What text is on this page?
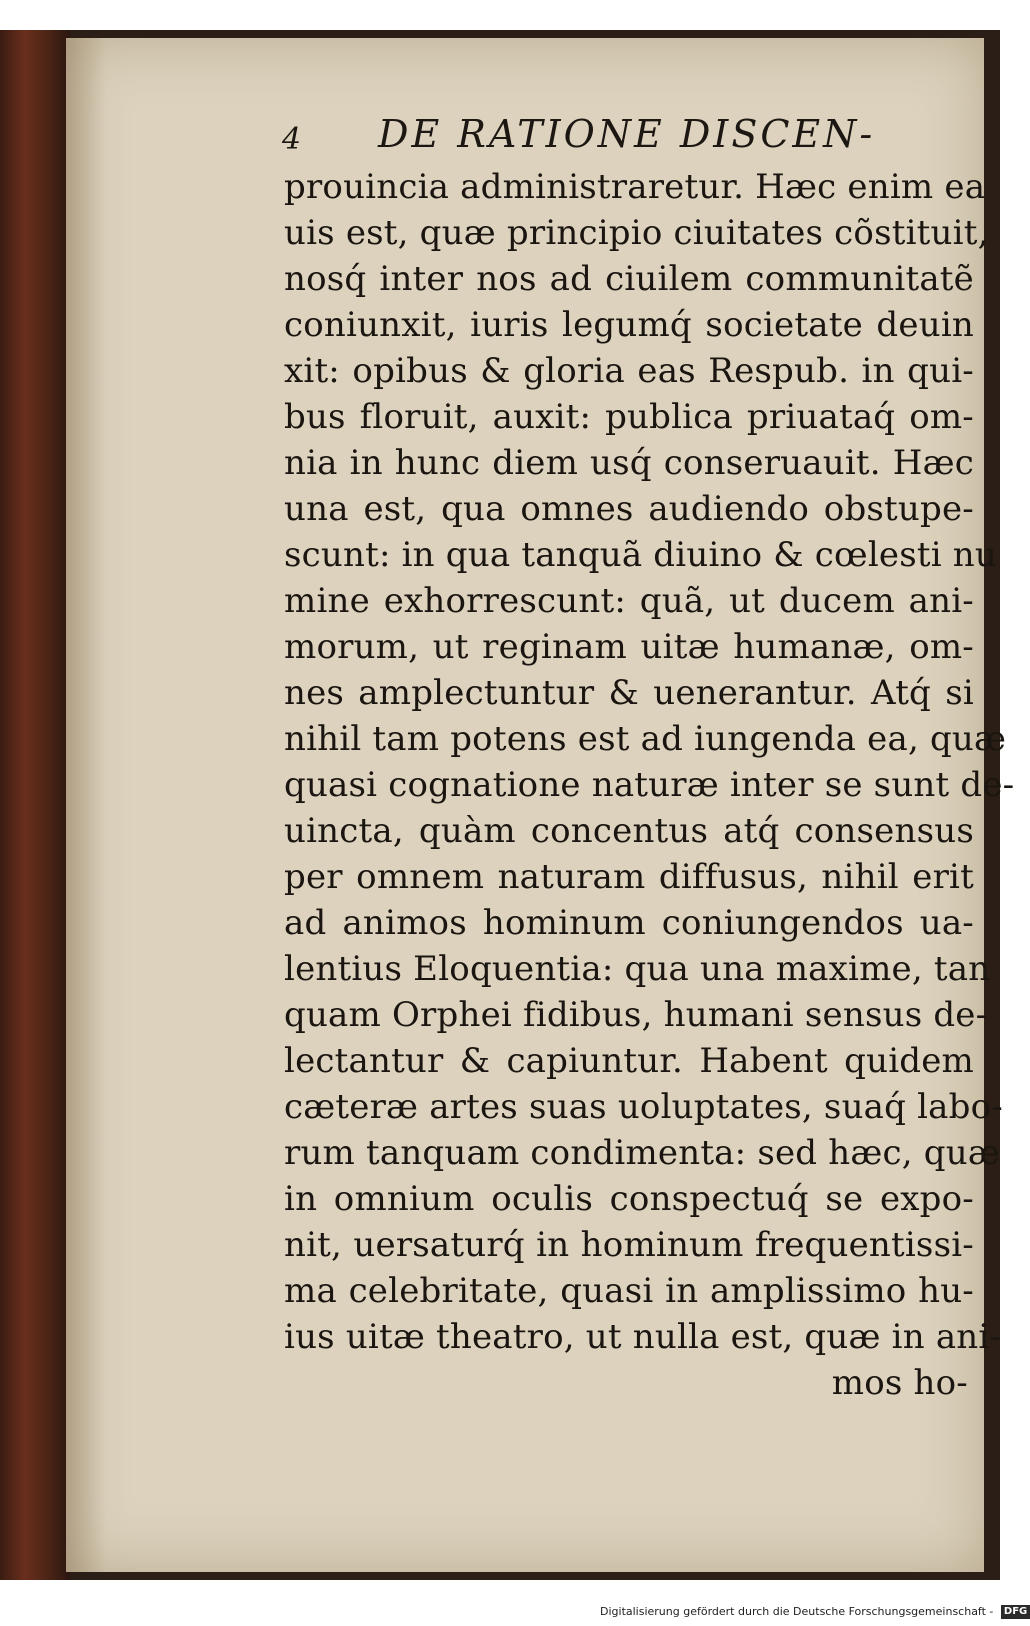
4 DE RATIONE DISCEN-
prouincia administraretur. Hæc enim ea
uis est, quæ principio ciuitates cõstituit,
nosq́ inter nos ad ciuilem communitatẽ
coniunxit, iuris legumq́ societate deuin
xit: opibus & gloria eas Respub. in qui-
bus floruit, auxit: publica priuataq́ om-
nia in hunc diem usq́ conseruauit. Hæc
una est, qua omnes audiendo obstupe-
scunt: in qua tanquã diuino & cœlesti nu
mine exhorrescunt: quã, ut ducem ani-
morum, ut reginam uitæ humanæ, om-
nes amplectuntur & uenerantur. Atq́ si
nihil tam potens est ad iungenda ea, quæ
quasi cognatione naturæ inter se sunt de-
uincta, quàm concentus atq́ consensus
per omnem naturam diffusus, nihil erit
ad animos hominum coniungendos ua-
lentius Eloquentia: qua una maxime, tan
quam Orphei fidibus, humani sensus de-
lectantur & capiuntur. Habent quidem
cæteræ artes suas uoluptates, suaq́ labo-
rum tanquam condimenta: sed hæc, quæ
in omnium oculis conspectuq́ se expo-
nit, uersaturq́ in hominum frequentissi-
ma celebritate, quasi in amplissimo hu-
ius uitæ theatro, ut nulla est, quæ in ani-
mos ho-
Digitalisierung gefördert durch die Deutsche Forschungsgemeinschaft - DFG
